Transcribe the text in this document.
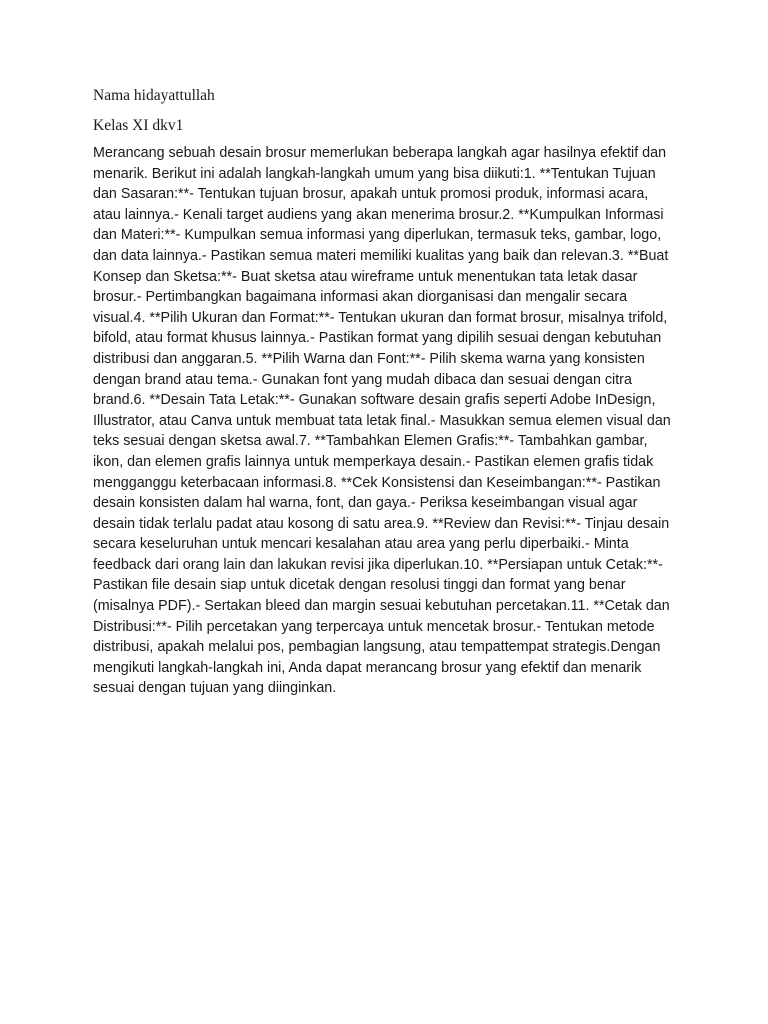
Nama hidayattullah
Kelas XI dkv1

Merancang sebuah desain brosur memerlukan beberapa langkah agar hasilnya efektif dan menarik. Berikut ini adalah langkah-langkah umum yang bisa diikuti:1. **Tentukan Tujuan dan Sasaran:**- Tentukan tujuan brosur, apakah untuk promosi produk, informasi acara, atau lainnya.- Kenali target audiens yang akan menerima brosur.2. **Kumpulkan Informasi dan Materi:**- Kumpulkan semua informasi yang diperlukan, termasuk teks, gambar, logo, dan data lainnya.- Pastikan semua materi memiliki kualitas yang baik dan relevan.3. **Buat Konsep dan Sketsa:**- Buat sketsa atau wireframe untuk menentukan tata letak dasar brosur.- Pertimbangkan bagaimana informasi akan diorganisasi dan mengalir secara visual.4. **Pilih Ukuran dan Format:**- Tentukan ukuran dan format brosur, misalnya trifold, bifold, atau format khusus lainnya.- Pastikan format yang dipilih sesuai dengan kebutuhan distribusi dan anggaran.5. **Pilih Warna dan Font:**- Pilih skema warna yang konsisten dengan brand atau tema.- Gunakan font yang mudah dibaca dan sesuai dengan citra brand.6. **Desain Tata Letak:**- Gunakan software desain grafis seperti Adobe InDesign, Illustrator, atau Canva untuk membuat tata letak final.- Masukkan semua elemen visual dan teks sesuai dengan sketsa awal.7. **Tambahkan Elemen Grafis:**- Tambahkan gambar, ikon, dan elemen grafis lainnya untuk memperkaya desain.- Pastikan elemen grafis tidak mengganggu keterbacaan informasi.8. **Cek Konsistensi dan Keseimbangan:**- Pastikan desain konsisten dalam hal warna, font, dan gaya.- Periksa keseimbangan visual agar desain tidak terlalu padat atau kosong di satu area.9. **Review dan Revisi:**- Tinjau desain secara keseluruhan untuk mencari kesalahan atau area yang perlu diperbaiki.- Minta feedback dari orang lain dan lakukan revisi jika diperlukan.10. **Persiapan untuk Cetak:**- Pastikan file desain siap untuk dicetak dengan resolusi tinggi dan format yang benar (misalnya PDF).- Sertakan bleed dan margin sesuai kebutuhan percetakan.11. **Cetak dan Distribusi:**- Pilih percetakan yang terpercaya untuk mencetak brosur.- Tentukan metode distribusi, apakah melalui pos, pembagian langsung, atau tempattempat strategis.Dengan mengikuti langkah-langkah ini, Anda dapat merancang brosur yang efektif dan menarik sesuai dengan tujuan yang diinginkan.
